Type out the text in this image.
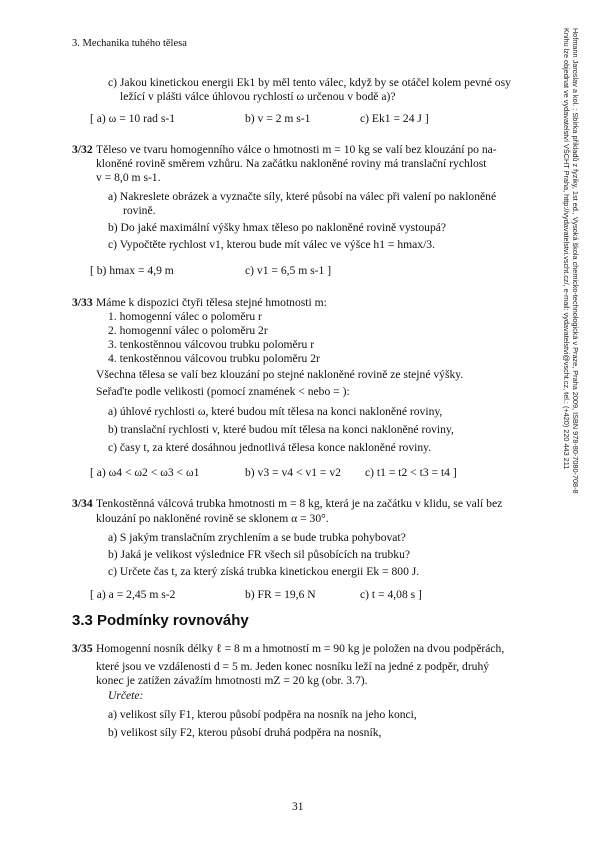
3. Mechanika tuhého tělesa
c) Jakou kinetickou energii Ek1 by měl tento válec, když by se otáčel kolem pevné osy
ležící v plášti válce úhlovou rychlostí ω určenou v bodě a)?
[ a) ω = 10 rad s-1	b) v = 2 m s-1	c) Ek1 = 24 J ]
3/32 Těleso ve tvaru homogenního válce o hmotnosti m = 10 kg se valí bez klouzání po na-
kloněné rovině směrem vzhůru. Na začátku nakloněné roviny má translační rychlost
v = 8,0 m s-1.
a) Nakreslete obrázek a vyznačte síly, které působí na válec při valení po nakloněné
rovině.
b) Do jaké maximální výšky hmax těleso po nakloněné rovině vystoupá?
c) Vypočtěte rychlost v1, kterou bude mít válec ve výšce h1 = hmax/3.
[ b) hmax = 4,9 m	c) v1 = 6,5 m s-1 ]
3/33 Máme k dispozici čtyři tělesa stejné hmotnosti m:
1. homogenní válec o poloměru r
2. homogenní válec o poloměru 2r
3. tenkostěnnou válcovou trubku poloměru r
4. tenkostěnnou válcovou trubku poloměru 2r
Všechna tělesa se valí bez klouzání po stejné nakloněné rovině ze stejné výšky.
Seřaďte podle velikosti (pomocí znamének < nebo = ):
a) úhlové rychlosti ω, které budou mít tělesa na konci nakloněné roviny,
b) translační rychlosti v, které budou mít tělesa na konci nakloněné roviny,
c) časy t, za které dosáhnou jednotlivá tělesa konce nakloněné roviny.
[ a) ω4 < ω2 < ω3 < ω1	b) v3 = v4 < v1 = v2 c) t1 = t2 < t3 = t4 ]
3/34 Tenkostěnná válcová trubka hmotnosti m = 8 kg, která je na začátku v klidu, se valí bez
klouzání po nakloněné rovině se sklonem α = 30°.
a) S jakým translačním zrychlením a se bude trubka pohybovat?
b) Jaká je velikost výslednice FR všech sil působících na trubku?
c) Určete čas t, za který získá trubka kinetickou energii Ek = 800 J.
[ a) a = 2,45 m s-2	b) FR = 19,6 N	c) t = 4,08 s ]
3.3 Podmínky rovnováhy
3/35 Homogenní nosník délky ℓ = 8 m a hmotností m = 90 kg je položen na dvou podpěrách,
které jsou ve vzdálenosti d = 5 m. Jeden konec nosníku leží na jedné z podpěr, druhý
konec je zatížen závažím hmotnosti mZ = 20 kg (obr. 3.7).
Určete:
a) velikost síly F1, kterou působí podpěra na nosník na jeho konci,
b) velikost síly F2, kterou působí druhá podpěra na nosník,
31
Hofmann Jaroslav a kol. : Sbírka příkladů z fyziky, 1st ed., Vysoká škola chemicko-technologická v Praze, Praha 2009, ISBN 978-80-7080-708-8
Knihu lze objednat ve vydavatelství VŠCHT Praha, http://vydavatelstvi.vscht.cz/, e-mail: vydavatelstvi@vscht.cz, tel.: (+420) 220 443 211
